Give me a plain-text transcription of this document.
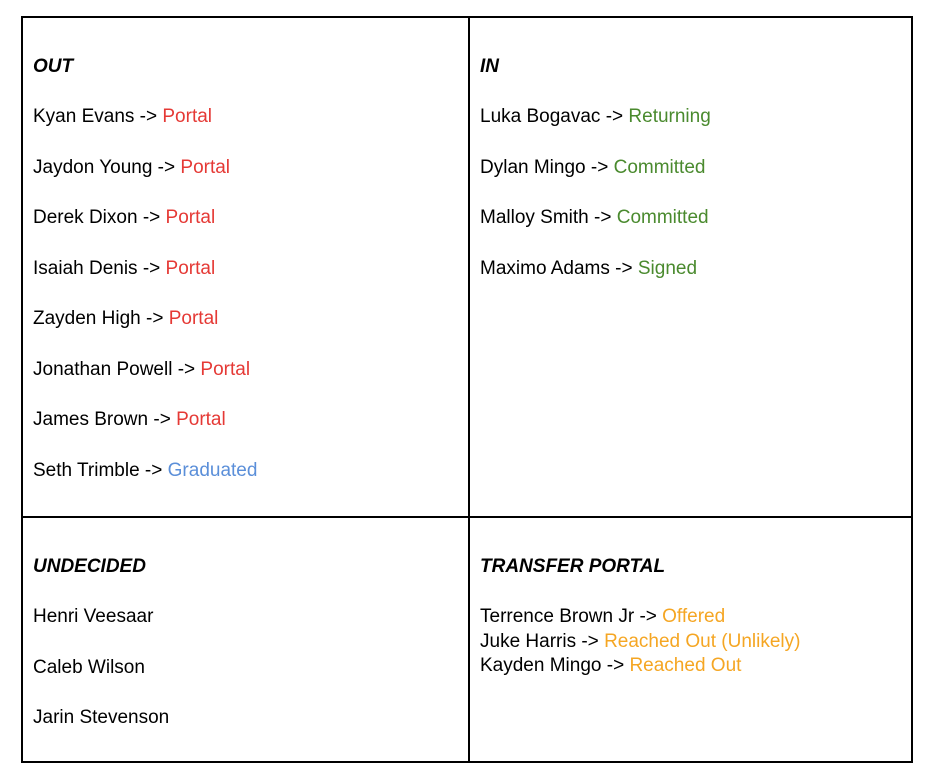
OUT
Kyan Evans -> Portal
Jaydon Young -> Portal
Derek Dixon -> Portal
Isaiah Denis -> Portal
Zayden High -> Portal
Jonathan Powell -> Portal
James Brown -> Portal
Seth Trimble -> Graduated
IN
Luka Bogavac -> Returning
Dylan Mingo -> Committed
Malloy Smith -> Committed
Maximo Adams -> Signed
UNDECIDED
Henri Veesaar
Caleb Wilson
Jarin Stevenson
TRANSFER PORTAL
Terrence Brown Jr -> Offered
Juke Harris -> Reached Out (Unlikely)
Kayden Mingo -> Reached Out
